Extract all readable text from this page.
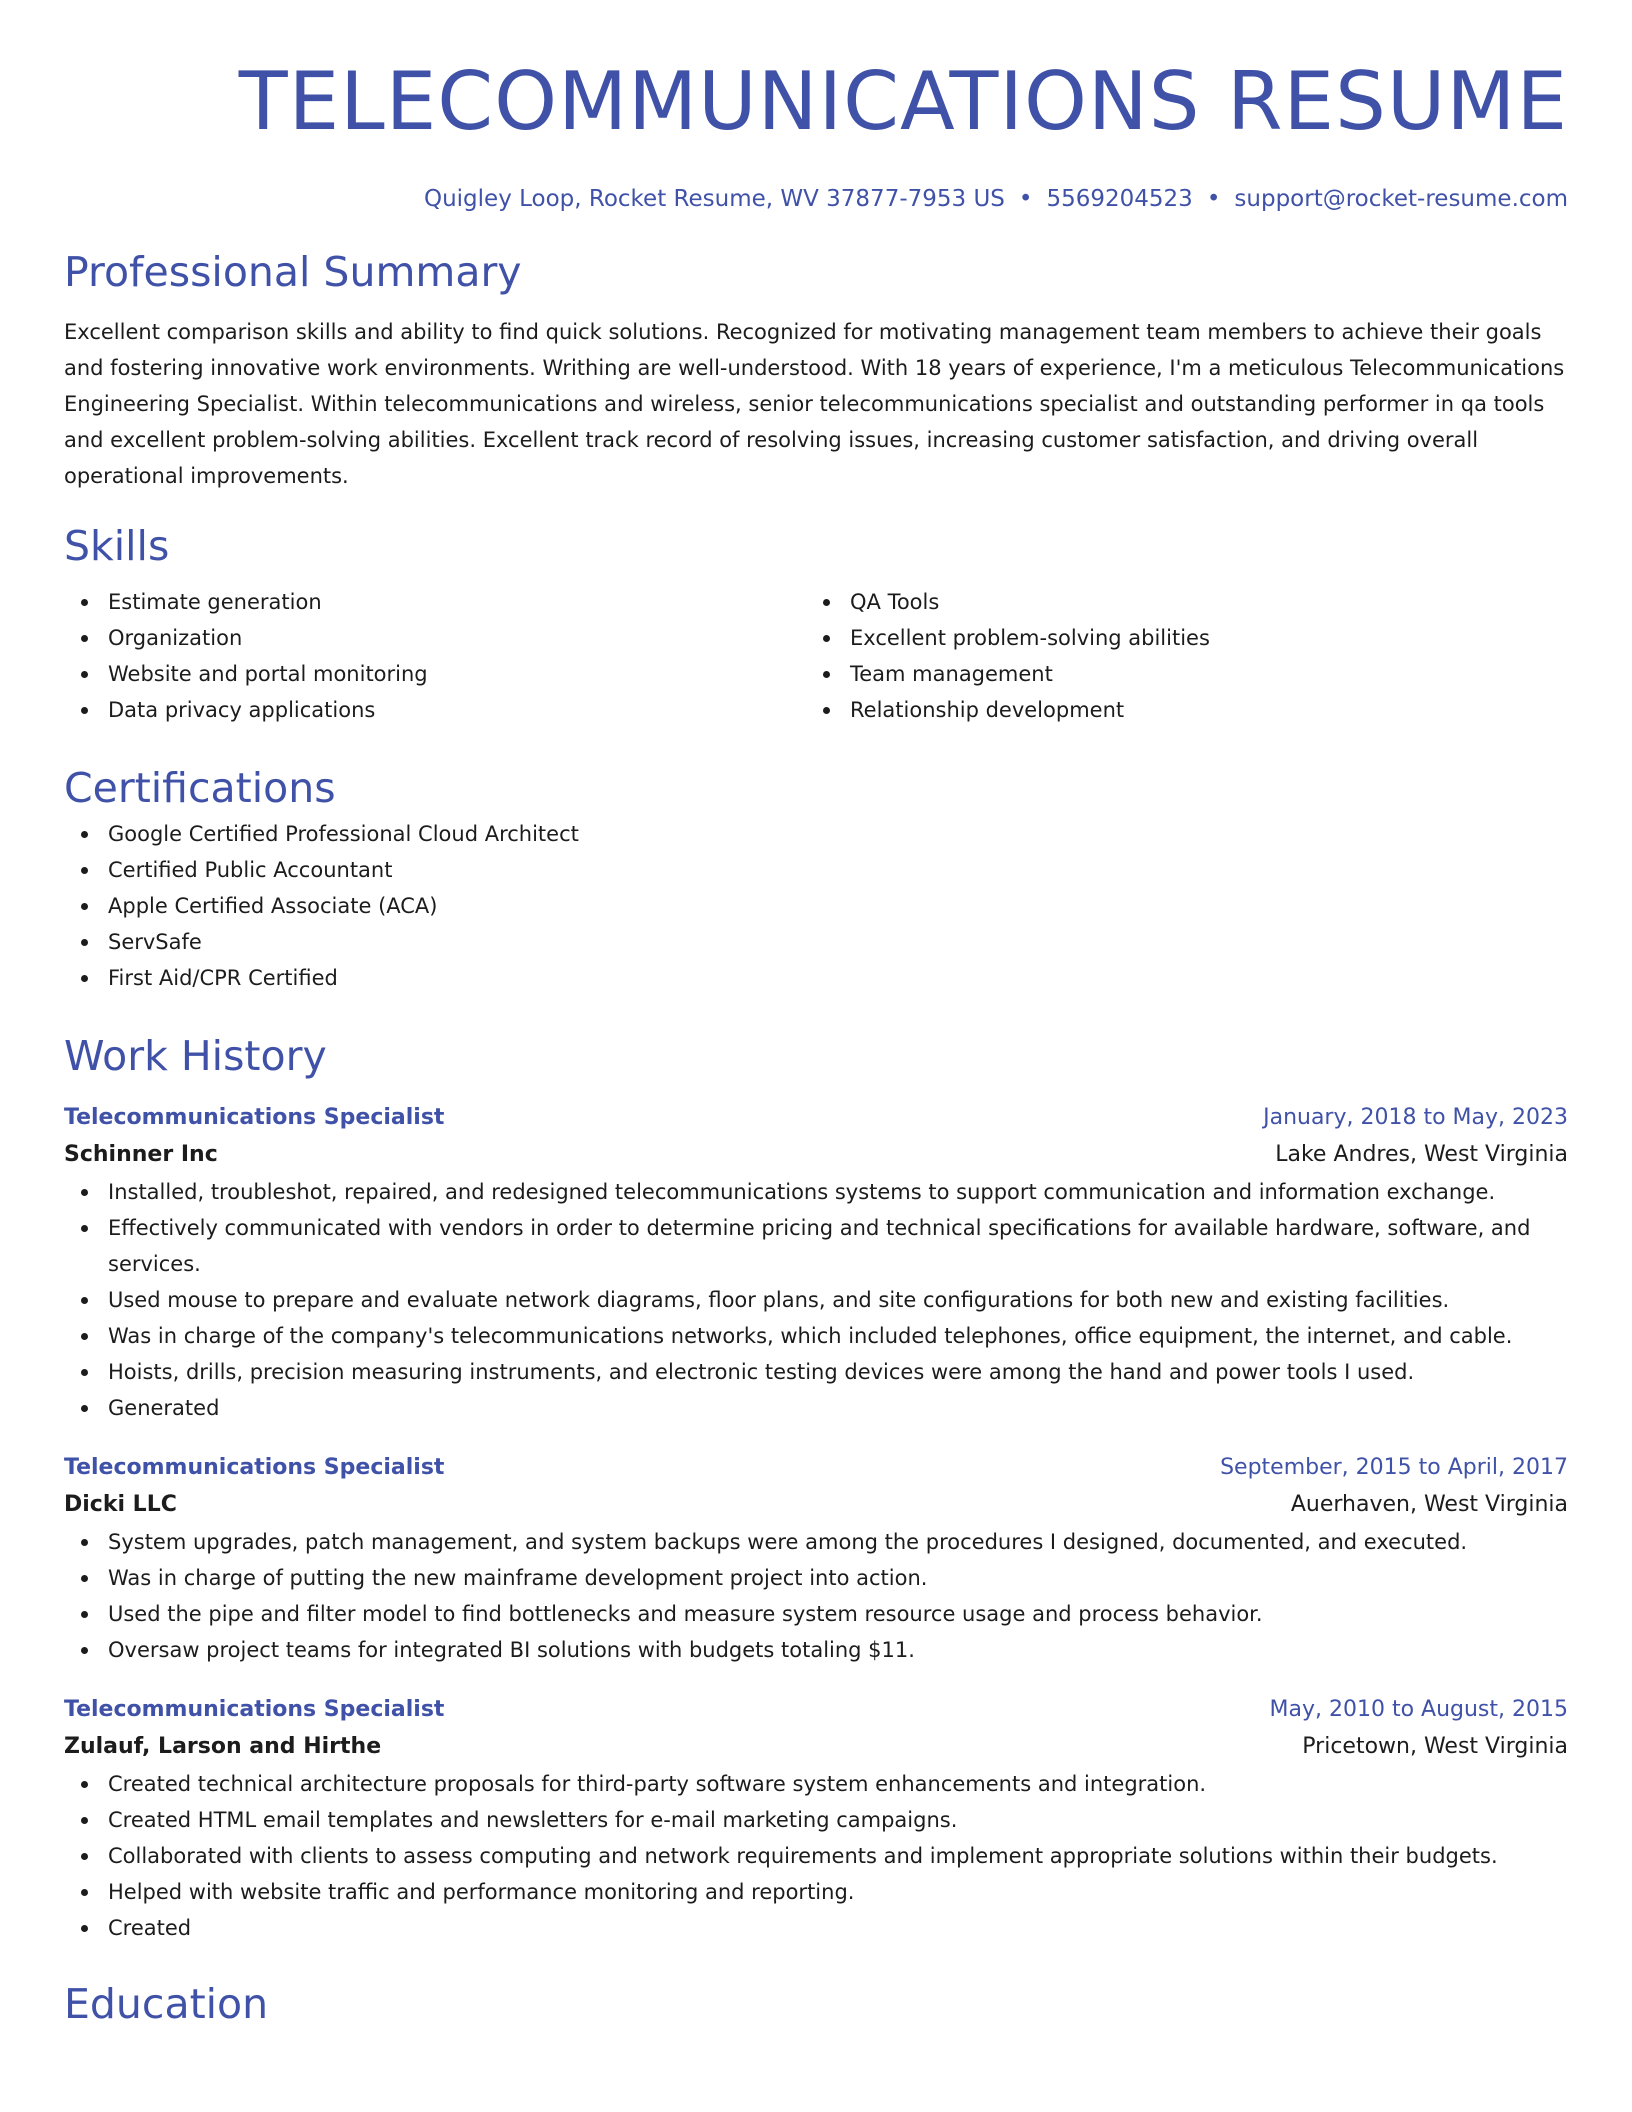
TELECOMMUNICATIONS RESUME
Quigley Loop, Rocket Resume, WV 37877-7953 US • 5569204523 • support@rocket-resume.com
Professional Summary

Excellent comparison skills and ability to find quick solutions. Recognized for motivating management team members to achieve their goals and fostering innovative work environments. Writhing are well-understood. With 18 years of experience, I'm a meticulous Telecommunications Engineering Specialist. Within telecommunications and wireless, senior telecommunications specialist and outstanding performer in qa tools and excellent problem-solving abilities. Excellent track record of resolving issues, increasing customer satisfaction, and driving overall operational improvements.

Skills
Estimate generation
Organization
Website and portal monitoring
Data privacy applications
QA Tools
Excellent problem-solving abilities
Team management
Relationship development
Certifications
Google Certified Professional Cloud Architect
Certified Public Accountant
Apple Certified Associate (ACA)
ServSafe
First Aid/CPR Certified
Work History
Telecommunications Specialist	January, 2018 to May, 2023
Schinner Inc	Lake Andres, West Virginia
Installed, troubleshot, repaired, and redesigned telecommunications systems to support communication and information exchange.
Effectively communicated with vendors in order to determine pricing and technical specifications for available hardware, software, and services.
Used mouse to prepare and evaluate network diagrams, floor plans, and site configurations for both new and existing facilities.
Was in charge of the company's telecommunications networks, which included telephones, office equipment, the internet, and cable.
Hoists, drills, precision measuring instruments, and electronic testing devices were among the hand and power tools I used.
Generated
Telecommunications Specialist	September, 2015 to April, 2017
Dicki LLC	Auerhaven, West Virginia
System upgrades, patch management, and system backups were among the procedures I designed, documented, and executed.
Was in charge of putting the new mainframe development project into action.
Used the pipe and filter model to find bottlenecks and measure system resource usage and process behavior.
Oversaw project teams for integrated BI solutions with budgets totaling $11.
Telecommunications Specialist	May, 2010 to August, 2015
Zulauf, Larson and Hirthe	Pricetown, West Virginia
Created technical architecture proposals for third-party software system enhancements and integration.
Created HTML email templates and newsletters for e-mail marketing campaigns.
Collaborated with clients to assess computing and network requirements and implement appropriate solutions within their budgets.
Helped with website traffic and performance monitoring and reporting.
Created
Education
